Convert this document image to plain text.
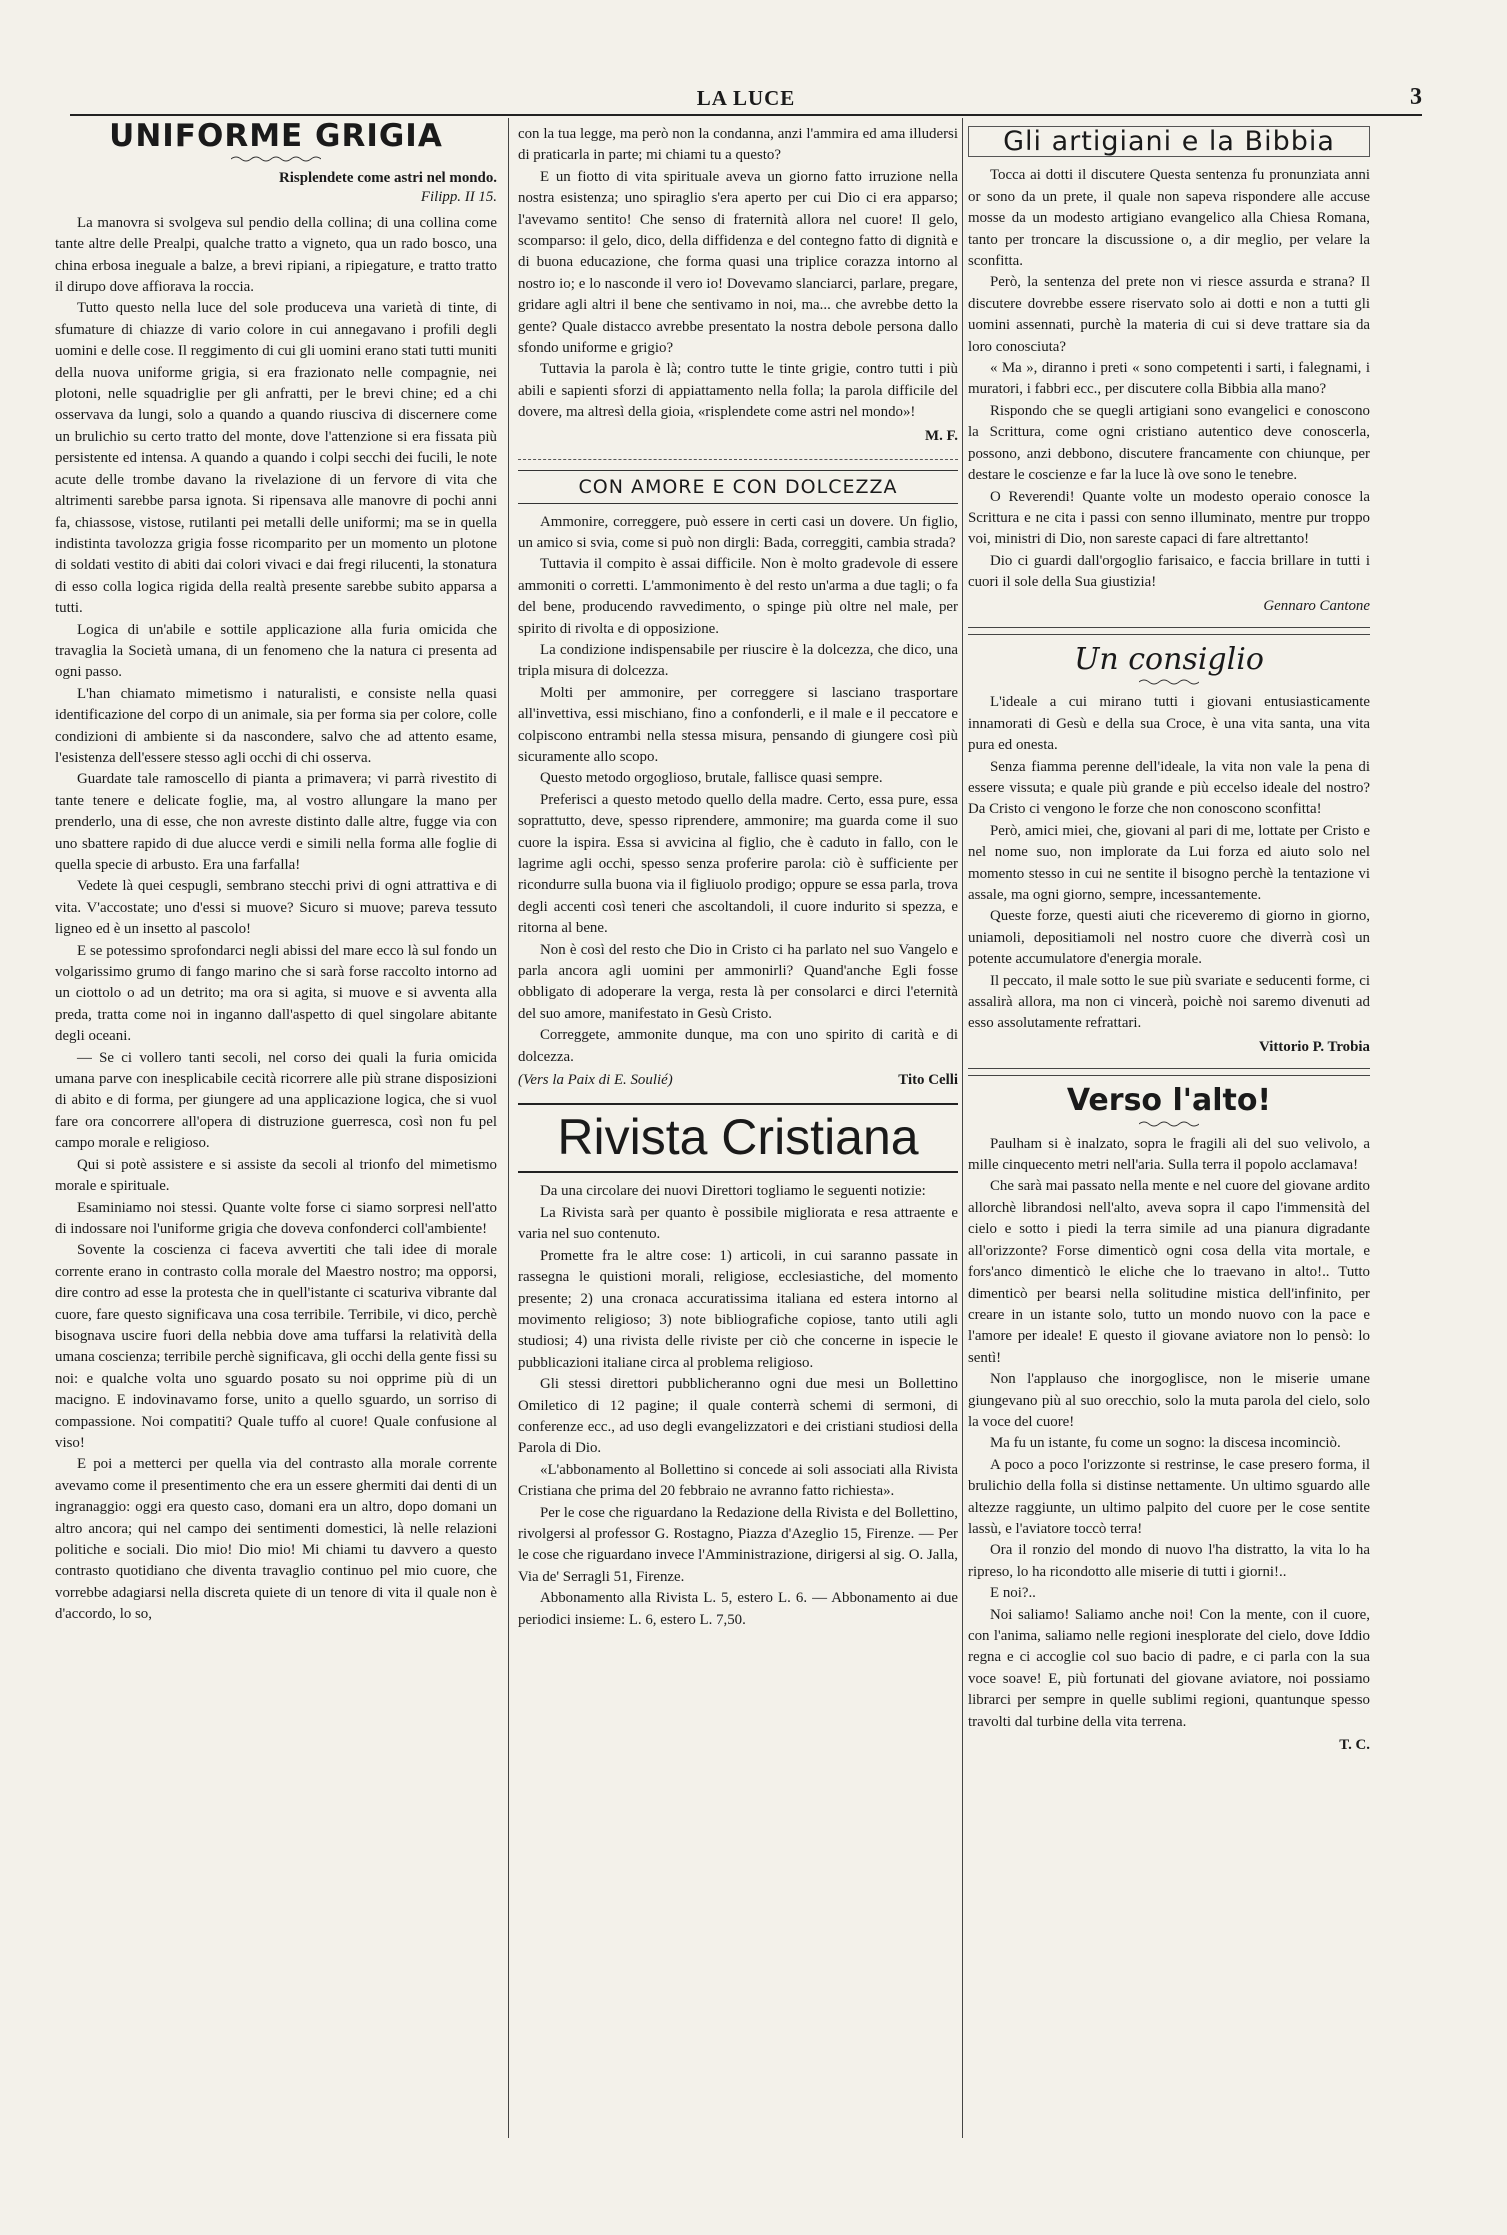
LA LUCE	3
UNIFORME GRIGIA
Risplendete come astri nel mondo.
Filipp. II 15.

La manovra si svolgeva sul pendio della collina; di una collina come tante altre delle Prealpi, qualche tratto a vigneto, qua un rado bosco, una china erbosa ineguale a balze, a brevi ripiani, a ripiegature, e tratto tratto il dirupo dove affiorava la roccia.

Tutto questo nella luce del sole produceva una varietà di tinte, di sfumature di chiazze di vario colore in cui annegavano i profili degli uomini e delle cose. Il reggimento di cui gli uomini erano stati tutti muniti della nuova uniforme grigia, si era frazionato nelle compagnie, nei plotoni, nelle squadriglie per gli anfratti, per le brevi chine; ed a chi osservava da lungi, solo a quando a quando riusciva di discernere come un brulichio su certo tratto del monte, dove l'attenzione si era fissata più persistente ed intensa. A quando a quando i colpi secchi dei fucili, le note acute delle trombe davano la rivelazione di un fervore di vita che altrimenti sarebbe parsa ignota. Si ripensava alle manovre di pochi anni fa, chiassose, vistose, rutilanti pei metalli delle uniformi; ma se in quella indistinta tavolozza grigia fosse ricomparito per un momento un plotone di soldati vestito di abiti dai colori vivaci e dai fregi rilucenti, la stonatura di esso colla logica rigida della realtà presente sarebbe subito apparsa a tutti.

Logica di un'abile e sottile applicazione alla furia omicida che travaglia la Società umana, di un fenomeno che la natura ci presenta ad ogni passo.

L'han chiamato mimetismo i naturalisti, e consiste nella quasi identificazione del corpo di un animale, sia per forma sia per colore, colle condizioni di ambiente si da nascondere, salvo che ad attento esame, l'esistenza dell'essere stesso agli occhi di chi osserva.

Guardate tale ramoscello di pianta a primavera; vi parrà rivestito di tante tenere e delicate foglie, ma, al vostro allungare la mano per prenderlo, una di esse, che non avreste distinto dalle altre, fugge via con uno sbattere rapido di due alucce verdi e simili nella forma alle foglie di quella specie di arbusto. Era una farfalla!

Vedete là quei cespugli, sembrano stecchi privi di ogni attrattiva e di vita. V'accostate; uno d'essi si muove? Sicuro si muove; pareva tessuto ligneo ed è un insetto al pascolo!

E se potessimo sprofondarci negli abissi del mare ecco là sul fondo un volgarissimo grumo di fango marino che si sarà forse raccolto intorno ad un ciottolo o ad un detrito; ma ora si agita, si muove e si avventa alla preda, tratta come noi in inganno dall'aspetto di quel singolare abitante degli oceani.

— Se ci vollero tanti secoli, nel corso dei quali la furia omicida umana parve con inesplicabile cecità ricorrere alle più strane disposizioni di abito e di forma, per giungere ad una applicazione logica, che si vuol fare ora concorrere all'opera di distruzione guerresca, così non fu pel campo morale e religioso.

Qui si potè assistere e si assiste da secoli al trionfo del mimetismo morale e spirituale.

Esaminiamo noi stessi. Quante volte forse ci siamo sorpresi nell'atto di indossare noi l'uniforme grigia che doveva confonderci coll'ambiente!

Sovente la coscienza ci faceva avvertiti che tali idee di morale corrente erano in contrasto colla morale del Maestro nostro; ma opporsi, dire contro ad esse la protesta che in quell'istante ci scaturiva vibrante dal cuore, fare questo significava una cosa terribile. Terribile, vi dico, perchè bisognava uscire fuori della nebbia dove ama tuffarsi la relatività della umana coscienza; terribile perchè significava, gli occhi della gente fissi su noi: e qualche volta uno sguardo posato su noi opprime più di un macigno. E indovinavamo forse, unito a quello sguardo, un sorriso di compassione. Noi compatiti? Quale tuffo al cuore! Quale confusione al viso!

E poi a metterci per quella via del contrasto alla morale corrente avevamo come il presentimento che era un essere ghermiti dai denti di un ingranaggio: oggi era questo caso, domani era un altro, dopo domani un altro ancora; qui nel campo dei sentimenti domestici, là nelle relazioni politiche e sociali. Dio mio! Dio mio! Mi chiami tu davvero a questo contrasto quotidiano che diventa travaglio continuo pel mio cuore, che vorrebbe adagiarsi nella discreta quiete di un tenore di vita il quale non è d'accordo, lo so,

con la tua legge, ma però non la condanna, anzi l'ammira ed ama illudersi di praticarla in parte; mi chiami tu a questo?

E un fiotto di vita spirituale aveva un giorno fatto irruzione nella nostra esistenza; uno spiraglio s'era aperto per cui Dio ci era apparso; l'avevamo sentito! Che senso di fraternità allora nel cuore! Il gelo, scomparso: il gelo, dico, della diffidenza e del contegno fatto di dignità e di buona educazione, che forma quasi una triplice corazza intorno al nostro io; e lo nasconde il vero io! Dovevamo slanciarci, parlare, pregare, gridare agli altri il bene che sentivamo in noi, ma... che avrebbe detto la gente? Quale distacco avrebbe presentato la nostra debole persona dallo sfondo uniforme e grigio?

Tuttavia la parola è là; contro tutte le tinte grigie, contro tutti i più abili e sapienti sforzi di appiattamento nella folla; la parola difficile del dovere, ma altresì della gioia, «risplendete come astri nel mondo»!

M. F.
CON AMORE E CON DOLCEZZA

Ammonire, correggere, può essere in certi casi un dovere. Un figlio, un amico si svia, come si può non dirgli: Bada, correggiti, cambia strada?

Tuttavia il compito è assai difficile. Non è molto gradevole di essere ammoniti o corretti. L'ammonimento è del resto un'arma a due tagli; o fa del bene, producendo ravvedimento, o spinge più oltre nel male, per spirito di rivolta e di opposizione.

La condizione indispensabile per riuscire è la dolcezza, che dico, una tripla misura di dolcezza.

Molti per ammonire, per correggere si lasciano trasportare all'invettiva, essi mischiano, fino a confonderli, e il male e il peccatore e colpiscono entrambi nella stessa misura, pensando di giungere così più sicuramente allo scopo.

Questo metodo orgoglioso, brutale, fallisce quasi sempre.

Preferisci a questo metodo quello della madre. Certo, essa pure, essa soprattutto, deve, spesso riprendere, ammonire; ma guarda come il suo cuore la ispira. Essa si avvicina al figlio, che è caduto in fallo, con le lagrime agli occhi, spesso senza proferire parola: ciò è sufficiente per ricondurre sulla buona via il figliuolo prodigo; oppure se essa parla, trova degli accenti così teneri che ascoltandoli, il cuore indurito si spezza, e ritorna al bene.

Non è così del resto che Dio in Cristo ci ha parlato nel suo Vangelo e parla ancora agli uomini per ammonirli? Quand'anche Egli fosse obbligato di adoperare la verga, resta là per consolarci e dirci l'eternità del suo amore, manifestato in Gesù Cristo.

Correggete, ammonite dunque, ma con uno spirito di carità e di dolcezza.

(Vers la Paix di E. Soulié)	Tito Celli
Rivista Cristiana

Da una circolare dei nuovi Direttori togliamo le seguenti notizie:

La Rivista sarà per quanto è possibile migliorata e resa attraente e varia nel suo contenuto.

Promette fra le altre cose: 1) articoli, in cui saranno passate in rassegna le quistioni morali, religiose, ecclesiastiche, del momento presente; 2) una cronaca accuratissima italiana ed estera intorno al movimento religioso; 3) note bibliografiche copiose, tanto utili agli studiosi; 4) una rivista delle riviste per ciò che concerne in ispecie le pubblicazioni italiane circa al problema religioso.

Gli stessi direttori pubblicheranno ogni due mesi un Bollettino Omiletico di 12 pagine; il quale conterrà schemi di sermoni, di conferenze ecc., ad uso degli evangelizzatori e dei cristiani studiosi della Parola di Dio.

«L'abbonamento al Bollettino si concede ai soli associati alla Rivista Cristiana che prima del 20 febbraio ne avranno fatto richiesta».

Per le cose che riguardano la Redazione della Rivista e del Bollettino, rivolgersi al professor G. Rostagno, Piazza d'Azeglio 15, Firenze. — Per le cose che riguardano invece l'Amministrazione, dirigersi al sig. O. Jalla, Via de' Serragli 51, Firenze.

Abbonamento alla Rivista L. 5, estero L. 6. — Abbonamento ai due periodici insieme: L. 6, estero L. 7,50.

Gli artigiani e la Bibbia

Tocca ai dotti il discutere Questa sentenza fu pronunziata anni or sono da un prete, il quale non sapeva rispondere alle accuse mosse da un modesto artigiano evangelico alla Chiesa Romana, tanto per troncare la discussione o, a dir meglio, per velare la sconfitta.

Però, la sentenza del prete non vi riesce assurda e strana? Il discutere dovrebbe essere riservato solo ai dotti e non a tutti gli uomini assennati, purchè la materia di cui si deve trattare sia da loro conosciuta?

« Ma », diranno i preti « sono competenti i sarti, i falegnami, i muratori, i fabbri ecc., per discutere colla Bibbia alla mano?

Rispondo che se quegli artigiani sono evangelici e conoscono la Scrittura, come ogni cristiano autentico deve conoscerla, possono, anzi debbono, discutere francamente con chiunque, per destare le coscienze e far la luce là ove sono le tenebre.

O Reverendi! Quante volte un modesto operaio conosce la Scrittura e ne cita i passi con senno illuminato, mentre pur troppo voi, ministri di Dio, non sareste capaci di fare altrettanto!

Dio ci guardi dall'orgoglio farisaico, e faccia brillare in tutti i cuori il sole della Sua giustizia!

Gennaro Cantone
Un consiglio

L'ideale a cui mirano tutti i giovani entusiasticamente innamorati di Gesù e della sua Croce, è una vita santa, una vita pura ed onesta.

Senza fiamma perenne dell'ideale, la vita non vale la pena di essere vissuta; e quale più grande e più eccelso ideale del nostro? Da Cristo ci vengono le forze che non conoscono sconfitta!

Però, amici miei, che, giovani al pari di me, lottate per Cristo e nel nome suo, non implorate da Lui forza ed aiuto solo nel momento stesso in cui ne sentite il bisogno perchè la tentazione vi assale, ma ogni giorno, sempre, incessantemente.

Queste forze, questi aiuti che riceveremo di giorno in giorno, uniamoli, depositiamoli nel nostro cuore che diverrà così un potente accumulatore d'energia morale.

Il peccato, il male sotto le sue più svariate e seducenti forme, ci assalirà allora, ma non ci vincerà, poichè noi saremo divenuti ad esso assolutamente refrattari.

Vittorio P. Trobia
Verso l'alto!

Paulham si è inalzato, sopra le fragili ali del suo velivolo, a mille cinquecento metri nell'aria. Sulla terra il popolo acclamava!

Che sarà mai passato nella mente e nel cuore del giovane ardito allorchè librandosi nell'alto, aveva sopra il capo l'immensità del cielo e sotto i piedi la terra simile ad una pianura digradante all'orizzonte? Forse dimenticò ogni cosa della vita mortale, e fors'anco dimenticò le eliche che lo traevano in alto!.. Tutto dimenticò per bearsi nella solitudine mistica dell'infinito, per creare in un istante solo, tutto un mondo nuovo con la pace e l'amore per ideale! E questo il giovane aviatore non lo pensò: lo sentì!

Non l'applauso che inorgoglisce, non le miserie umane giungevano più al suo orecchio, solo la muta parola del cielo, solo la voce del cuore!

Ma fu un istante, fu come un sogno: la discesa incominciò.

A poco a poco l'orizzonte si restrinse, le case presero forma, il brulichio della folla si distinse nettamente. Un ultimo sguardo alle altezze raggiunte, un ultimo palpito del cuore per le cose sentite lassù, e l'aviatore toccò terra!

Ora il ronzio del mondo di nuovo l'ha distratto, la vita lo ha ripreso, lo ha ricondotto alle miserie di tutti i giorni!..

E noi?..

Noi saliamo! Saliamo anche noi! Con la mente, con il cuore, con l'anima, saliamo nelle regioni inesplorate del cielo, dove Iddio regna e ci accoglie col suo bacio di padre, e ci parla con la sua voce soave! E, più fortunati del giovane aviatore, noi possiamo librarci per sempre in quelle sublimi regioni, quantunque spesso travolti dal turbine della vita terrena.

T. C.
